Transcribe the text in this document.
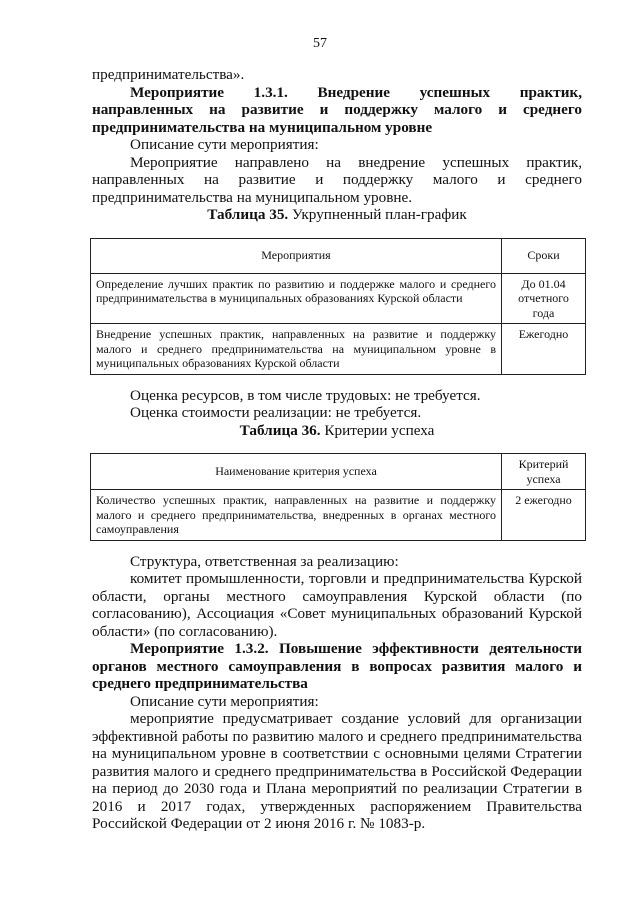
57

предпринимательства».

Мероприятие 1.3.1. Внедрение успешных практик, направленных на развитие и поддержку малого и среднего предпринимательства на муниципальном уровне

Описание сути мероприятия:

Мероприятие направлено на внедрение успешных практик, направленных на развитие и поддержку малого и среднего предпринимательства на муниципальном уровне.

Таблица 35. Укрупненный план-график

Мероприятия	Сроки
Определение лучших практик по развитию и поддержке малого и среднего предпринимательства в муниципальных образованиях Курской области	До 01.04 отчетного года
Внедрение успешных практик, направленных на развитие и поддержку малого и среднего предпринимательства на муниципальном уровне в муниципальных образованиях Курской области	Ежегодно

Оценка ресурсов, в том числе трудовых: не требуется.

Оценка стоимости реализации: не требуется.

Таблица 36. Критерии успеха

Наименование критерия успеха	Критерий успеха
Количество успешных практик, направленных на развитие и поддержку малого и среднего предпринимательства, внедренных в органах местного самоуправления	2 ежегодно

Структура, ответственная за реализацию:

комитет промышленности, торговли и предпринимательства Курской области, органы местного самоуправления Курской области (по согласованию), Ассоциация «Совет муниципальных образований Курской области» (по согласованию).

Мероприятие 1.3.2. Повышение эффективности деятельности органов местного самоуправления в вопросах развития малого и среднего предпринимательства

Описание сути мероприятия:

мероприятие предусматривает создание условий для организации эффективной работы по развитию малого и среднего предпринимательства на муниципальном уровне в соответствии с основными целями Стратегии развития малого и среднего предпринимательства в Российской Федерации на период до 2030 года и Плана мероприятий по реализации Стратегии в 2016 и 2017 годах, утвержденных распоряжением Правительства Российской Федерации от 2 июня 2016 г. № 1083-р.
